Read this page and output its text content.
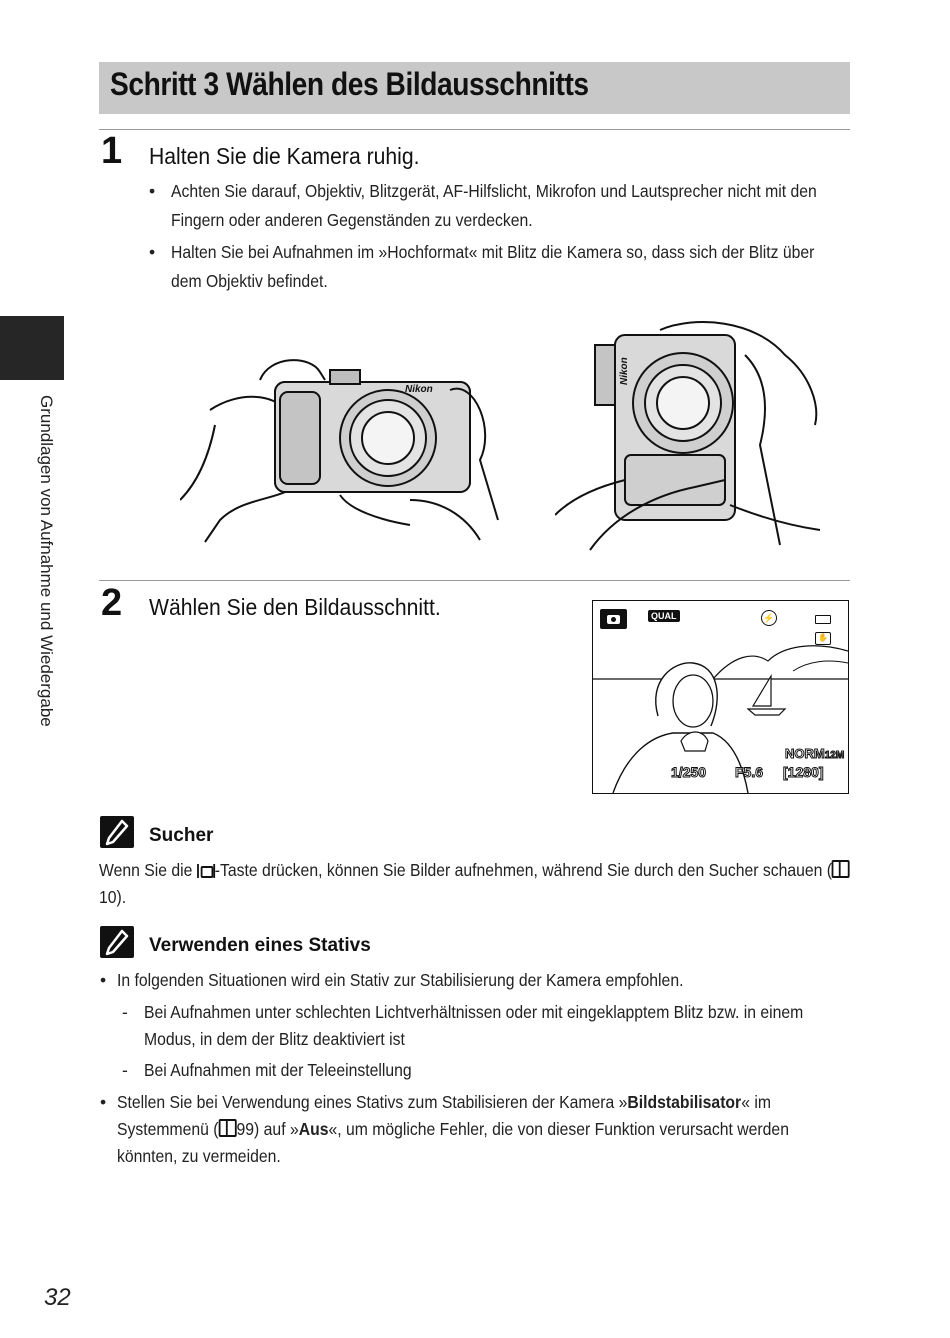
Schritt 3 Wählen des Bildausschnitts
Grundlagen von Aufnahme und Wiedergabe
1 Halten Sie die Kamera ruhig.
• Achten Sie darauf, Objektiv, Blitzgerät, AF-Hilfslicht, Mikrofon und Lautsprecher nicht mit den Fingern oder anderen Gegenständen zu verdecken.
• Halten Sie bei Aufnahmen im »Hochformat« mit Blitz die Kamera so, dass sich der Blitz über dem Objektiv befindet.
Nikon
Nikon
2 Wählen Sie den Bildausschnitt.	QUAL	⚡
✋
NORM12M
1/250 F5.6 [1280]
Sucher
Wenn Sie die
-Taste drücken, können Sie Bilder aufnehmen, während Sie durch den Sucher schauen (
10).
Verwenden eines Stativs
• In folgenden Situationen wird ein Stativ zur Stabilisierung der Kamera empfohlen.
- Bei Aufnahmen unter schlechten Lichtverhältnissen oder mit eingeklapptem Blitz bzw. in einem Modus, in dem der Blitz deaktiviert ist
- Bei Aufnahmen mit der Teleeinstellung
• Stellen Sie bei Verwendung eines Stativs zum Stabilisieren der Kamera »Bildstabilisator« im Systemmenü ( 99) auf »Aus«, um mögliche Fehler, die von dieser Funktion verursacht werden könnten, zu vermeiden.
32
